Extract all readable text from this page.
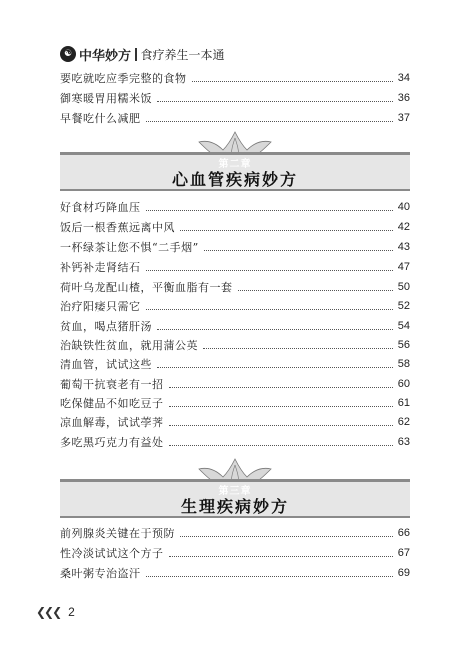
☯ 中华妙方 食疗养生一本通
要吃就吃应季完整的食物	34
御寒暖胃用糯米饭	36
早餐吃什么减肥	37
第二章
心血管疾病妙方
好食材巧降血压	40
饭后一根香蕉远离中风	42
一杯绿茶让您不惧“二手烟”	43
补钙补走肾结石	47
荷叶乌龙配山楂，平衡血脂有一套	50
治疗阳痿只需它	52
贫血，喝点猪肝汤	54
治缺铁性贫血，就用蒲公英	56
清血管，试试这些	58
葡萄干抗衰老有一招	60
吃保健品不如吃豆子	61
凉血解毒，试试荸荠	62
多吃黑巧克力有益处	63
第三章
生理疾病妙方
前列腺炎关键在于预防	66
性冷淡试试这个方子	67
桑叶粥专治盗汗	69
❮❮❮ 2
